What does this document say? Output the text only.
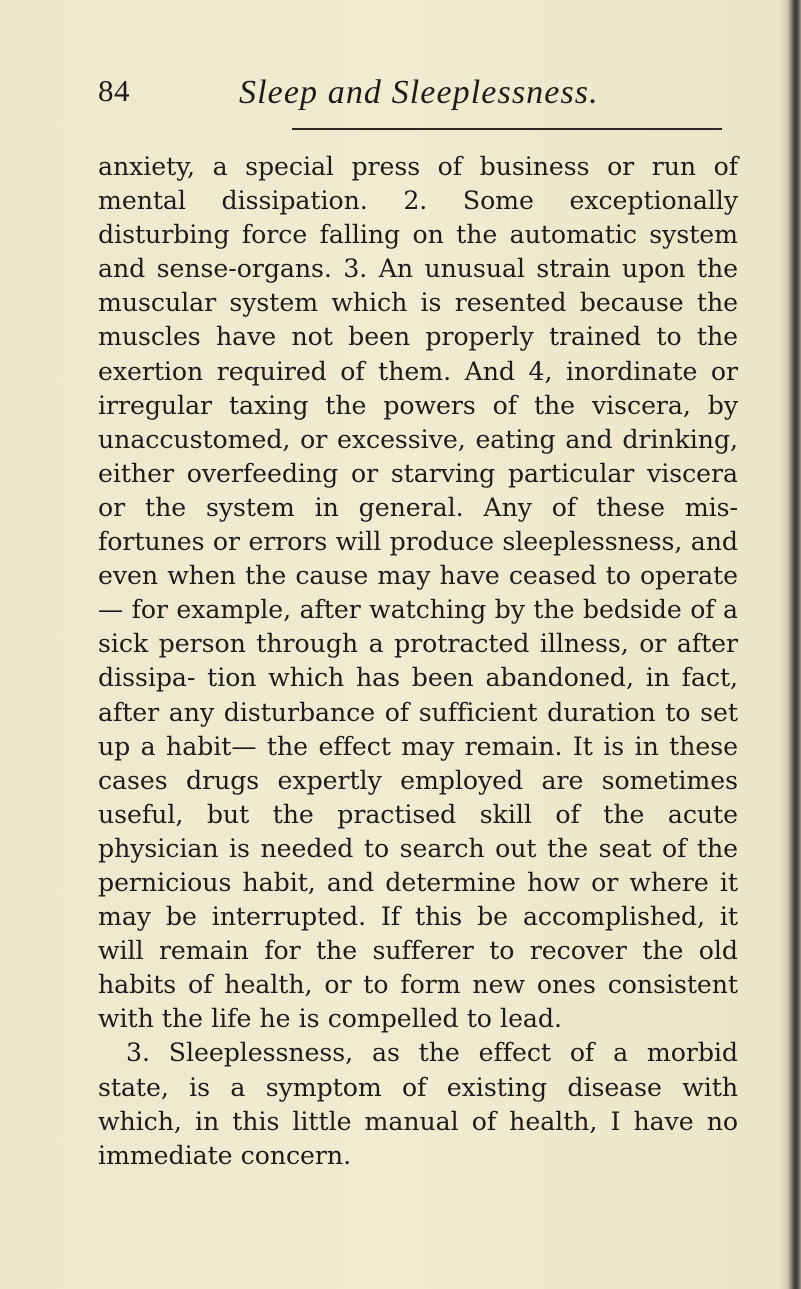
84	Sleep and Sleeplessness.

anxiety, a special press of business or run of mental dissipation. 2. Some exceptionally disturbing force falling on the automatic system and sense-organs. 3. An unusual strain upon the muscular system which is resented because the muscles have not been properly trained to the exertion required of them. And 4, inordinate or irregular taxing the powers of the viscera, by unaccustomed, or excessive, eating and drinking, either overfeeding or starving particular viscera or the system in general. Any of these mis- fortunes or errors will produce sleeplessness, and even when the cause may have ceased to operate— for example, after watching by the bedside of a sick person through a protracted illness, or after dissipa- tion which has been abandoned, in fact, after any disturbance of sufficient duration to set up a habit— the effect may remain. It is in these cases drugs expertly employed are sometimes useful, but the practised skill of the acute physician is needed to search out the seat of the pernicious habit, and determine how or where it may be interrupted. If this be accomplished, it will remain for the sufferer to recover the old habits of health, or to form new ones consistent with the life he is compelled to lead.

3. Sleeplessness, as the effect of a morbid state, is a symptom of existing disease with which, in this little manual of health, I have no immediate concern.
